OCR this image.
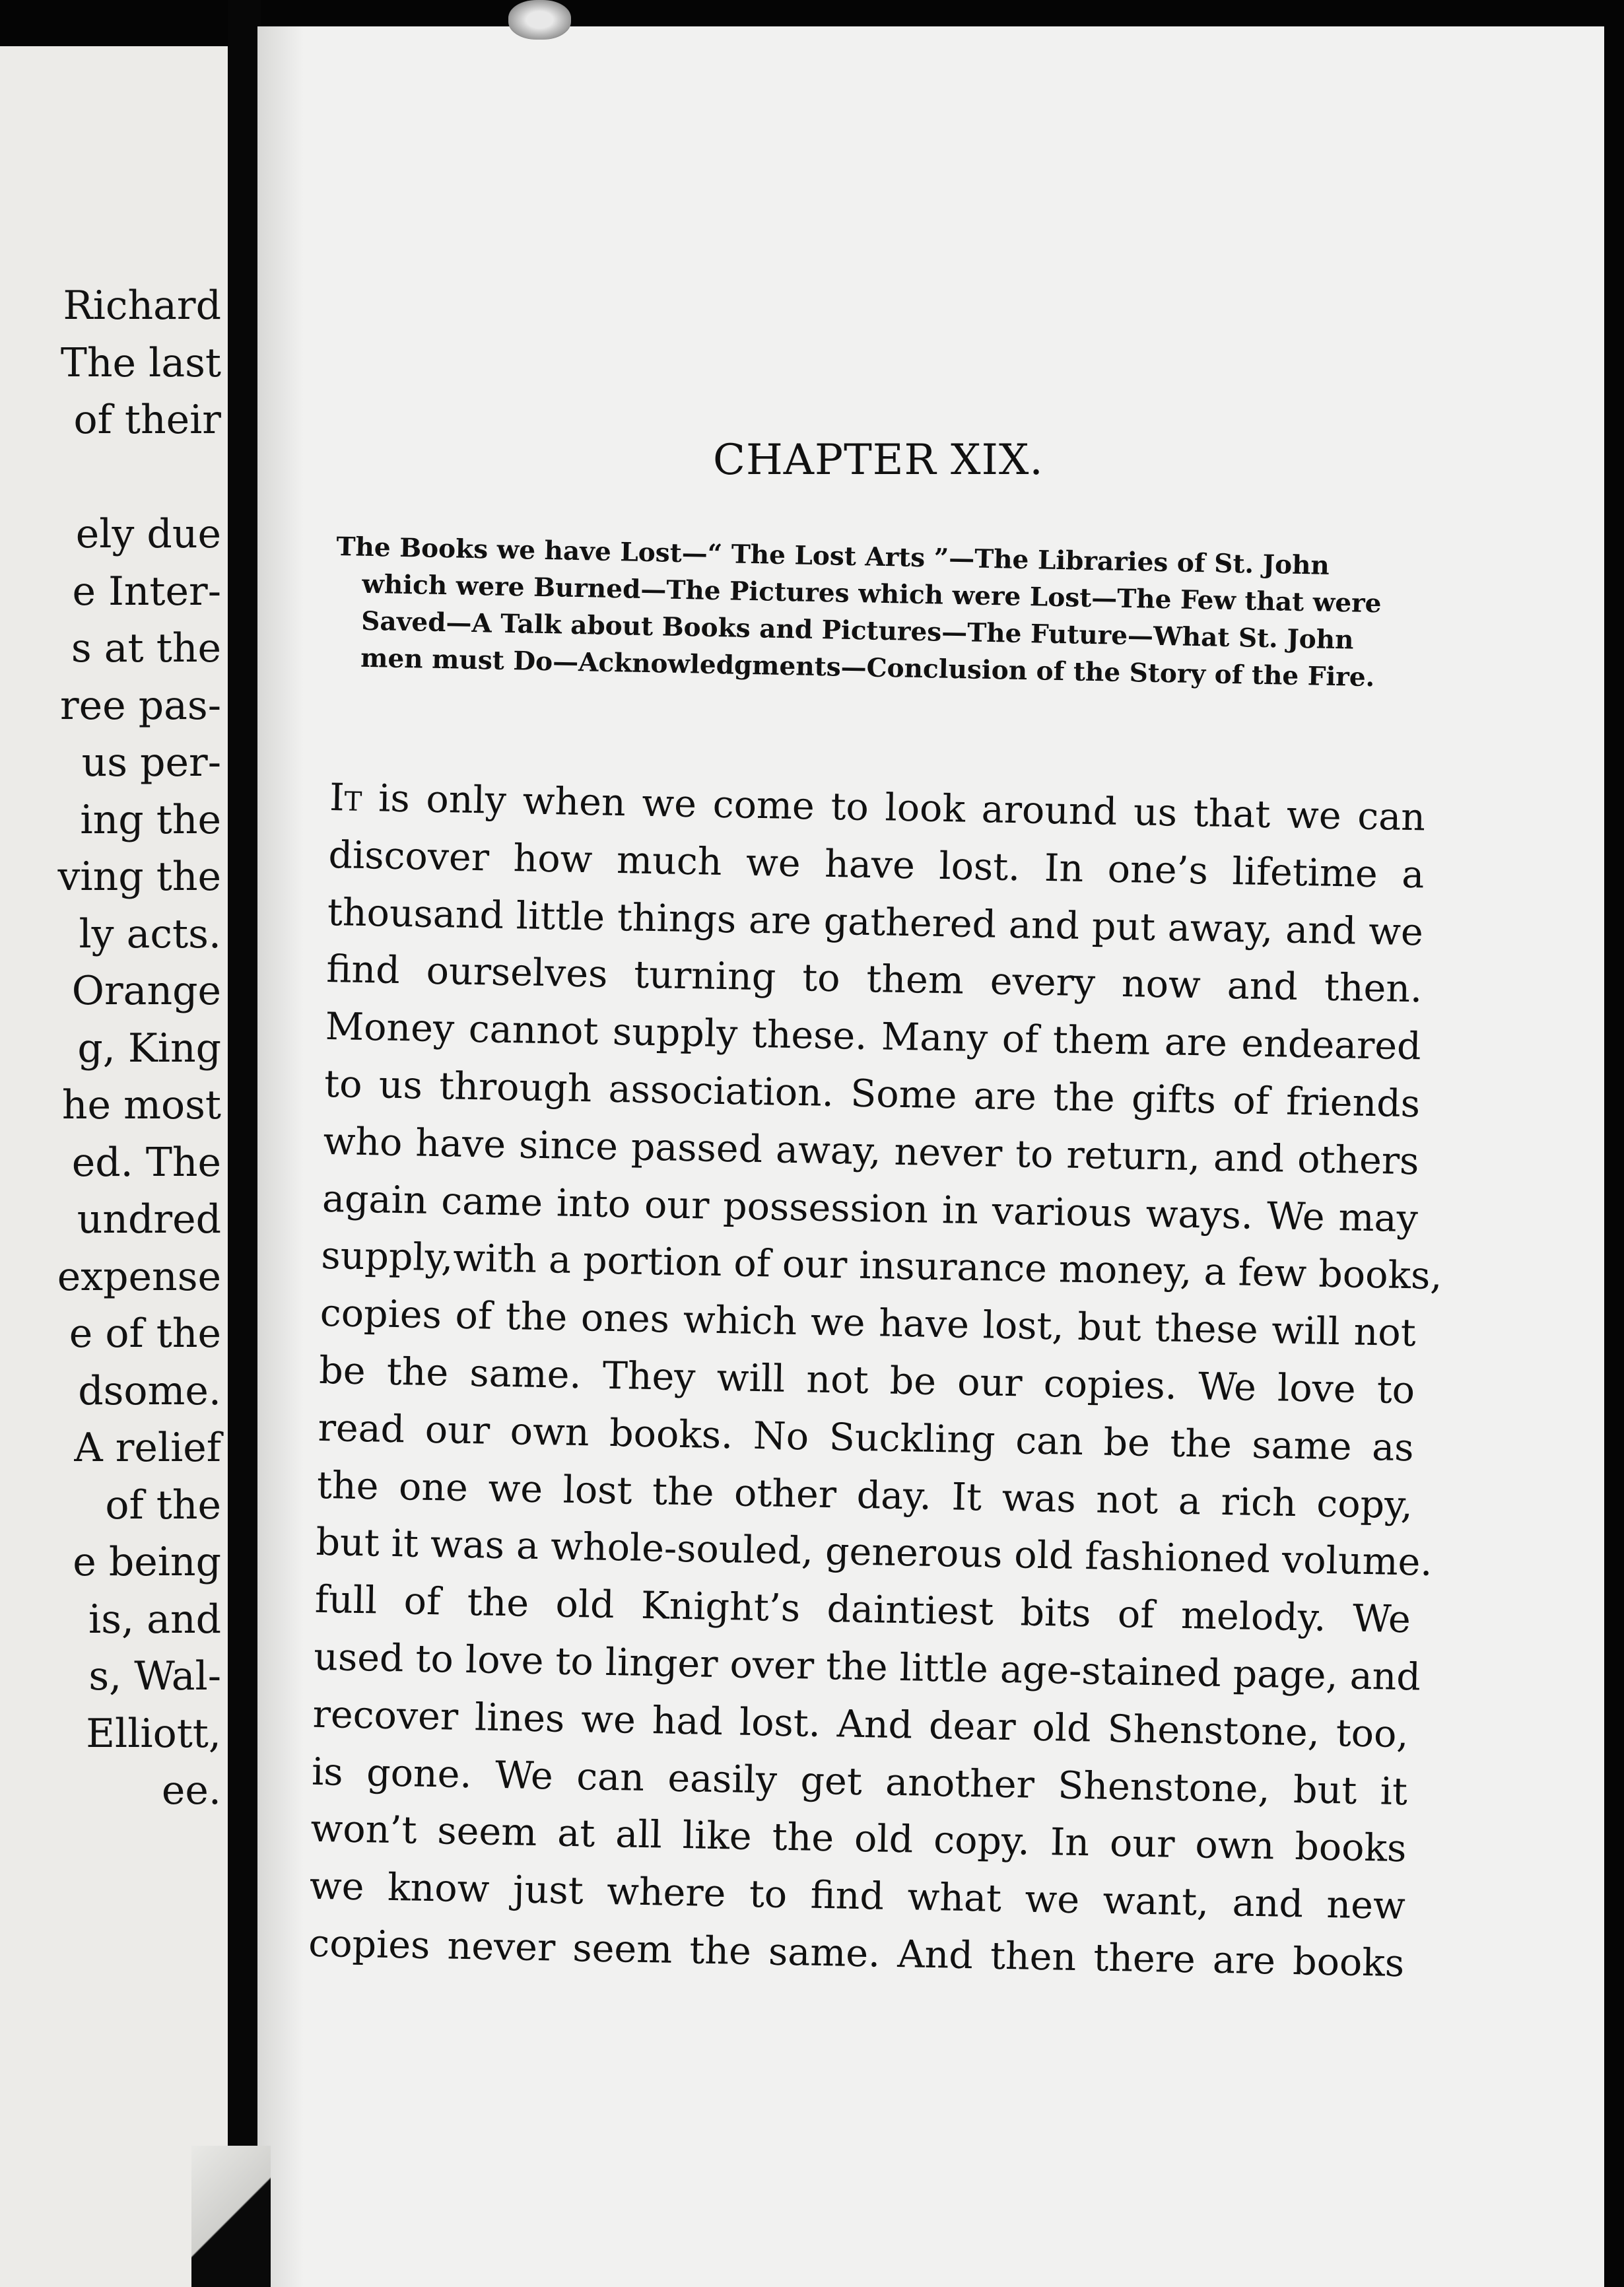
Richard
The last
of their

ely due
e Inter-
s at the
ree pas-
us per-
ing the
ving the
ly acts.
Orange
g, King
he most
ed. The
undred
expense
e of the
dsome.
A relief
of the
e being
is, and
s, Wal-
Elliott,
ee.
CHAPTER XIX.
The Books we have Lost—“ The Lost Arts ”—The Libraries of St. John
which were Burned—The Pictures which were Lost—The Few that were
Saved—A Talk about Books and Pictures—The Future—What St. John
men must Do—Acknowledgments—Conclusion of the Story of the Fire.
It is only when we come to look around us that we can
discover how much we have lost. In one’s lifetime a
thousand little things are gathered and put away, and we
find ourselves turning to them every now and then.
Money cannot supply these. Many of them are endeared
to us through association. Some are the gifts of friends
who have since passed away, never to return, and others
again came into our possession in various ways. We may
supply,with a portion of our insurance money, a few books,
copies of the ones which we have lost, but these will not
be the same. They will not be our copies. We love to
read our own books. No Suckling can be the same as
the one we lost the other day. It was not a rich copy,
but it was a whole-souled, generous old fashioned volume.
full of the old Knight’s daintiest bits of melody. We
used to love to linger over the little age-stained page, and
recover lines we had lost. And dear old Shenstone, too,
is gone. We can easily get another Shenstone, but it
won’t seem at all like the old copy. In our own books
we know just where to find what we want, and new
copies never seem the same. And then there are books
